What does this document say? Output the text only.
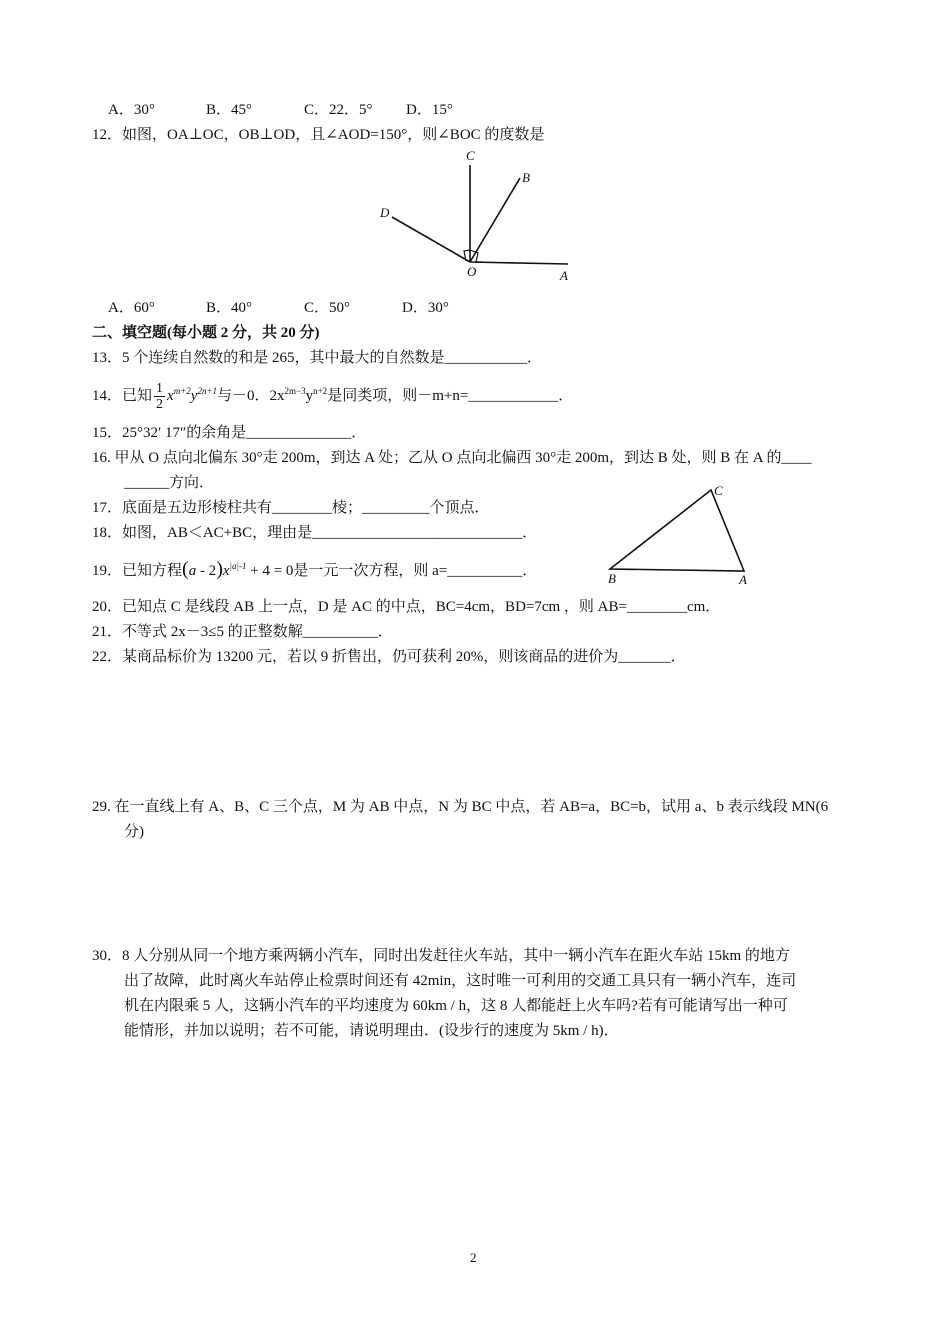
A．30°	B．45°	C．22．5° D．15°
12．如图，OA⊥OC，OB⊥OD，且∠AOD=150°，则∠BOC 的度数是
C
B
D
O	A
A．60°	B．40°	C．50°	D．30°
二、填空题(每小题 2 分，共 20 分)
13．5 个连续自然数的和是 265，其中最大的自然数是___________．
14．已知 $\frac{1}{2} x^{m+2}y^{2n+1}$与－0．$2x^{2m-3}y^{n+2}$是同类项，则－m+n=____________．
15．25°32′ 17″的余角是______________．
16. 甲从 O 点向北偏东 30°走 200m，到达 A 处；乙从 O 点向北偏西 30°走 200m，到达 B 处，则 B 在 A 的____
______方向．
17．底面是五边形棱柱共有________棱；_________个顶点．
18．如图，AB＜AC+BC，理由是____________________________．
19．已知方程$(a - 2)x^{|a|-1} + 4 = 0$是一元一次方程，则 a=__________．
C
B	A
20．已知点 C 是线段 AB 上一点，D 是 AC 的中点，BC=4cm，BD=7cm ，则 AB=________cm．
21．不等式 2x－3≤5 的正整数解__________．
22．某商品标价为 13200 元，若以 9 折售出，仍可获利 20%，则该商品的进价为_______．
29. 在一直线上有 A、B、C 三个点，M 为 AB 中点，N 为 BC 中点，若 AB=a，BC=b，试用 a、b 表示线段 MN(6
分)
30．8 人分别从同一个地方乘两辆小汽车，同时出发赶往火车站，其中一辆小汽车在距火车站 15km 的地方
出了故障，此时离火车站停止检票时间还有 42min，这时唯一可利用的交通工具只有一辆小汽车，连司
机在内限乘 5 人，这辆小汽车的平均速度为 60km / h，这 8 人都能赶上火车吗?若有可能请写出一种可
能情形，并加以说明；若不可能，请说明理由．(设步行的速度为 5km / h)．
2
